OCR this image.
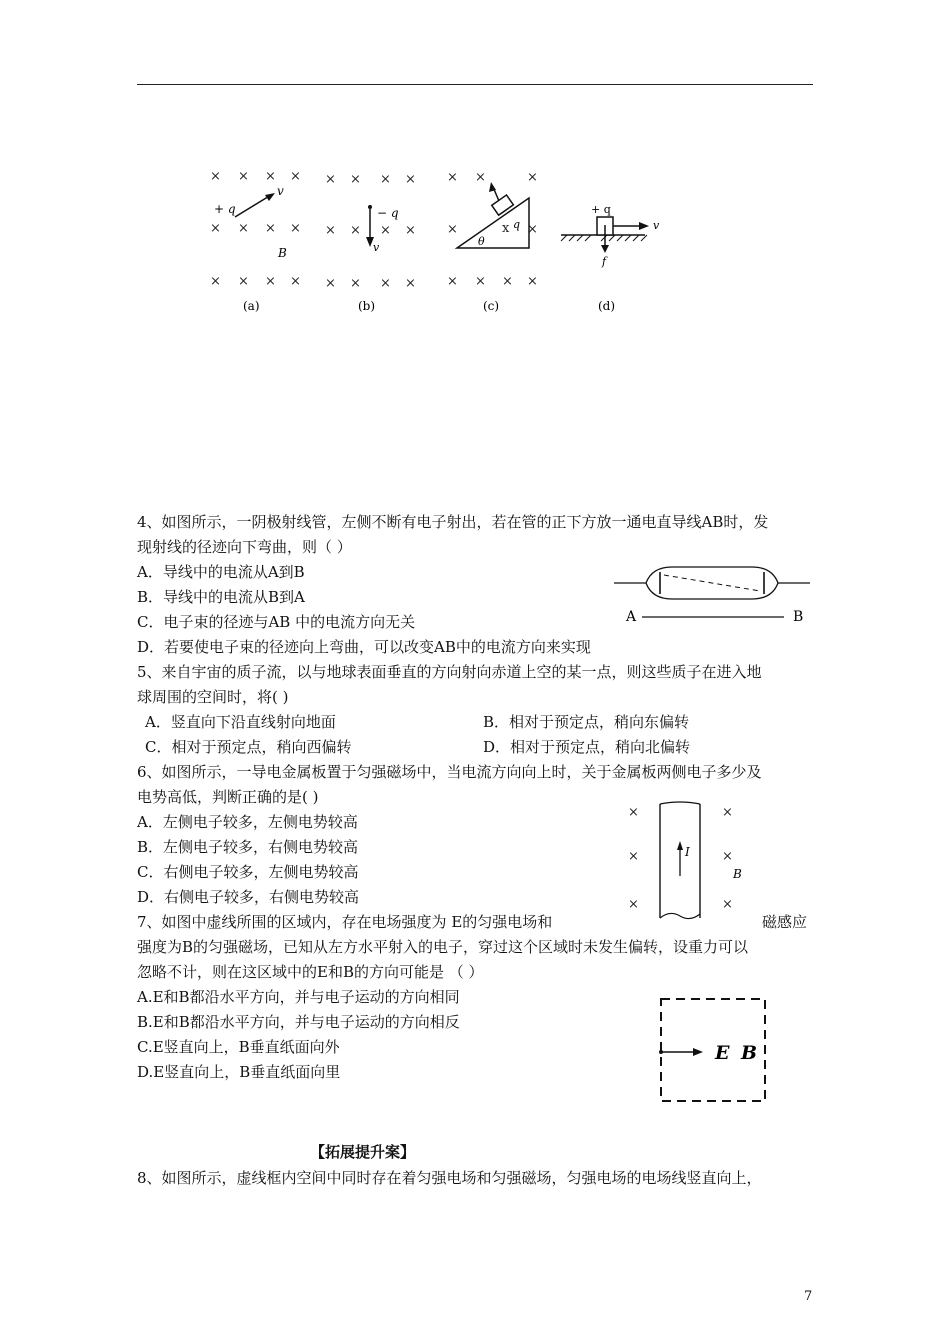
× × × ×
× × × ×
× × × ×
× × × ×
× × × ×
× × × ×
× ×	×
×	x ×
× × × ×
+ q
v
B
− q
v
q
θ
+ q
v
f
(a)	(b)	(c)	(d)
4、如图所示，一阴极射线管，左侧不断有电子射出，若在管的正下方放一通电直导线AB时，发
现射线的径迹向下弯曲，则（ ）
A．导线中的电流从A到B
B．导线中的电流从B到A
C．电子束的径迹与AB 中的电流方向无关
D．若要使电子束的径迹向上弯曲，可以改变AB中的电流方向来实现
A	B
5、来自宇宙的质子流，以与地球表面垂直的方向射向赤道上空的某一点，则这些质子在进入地
球周围的空间时，将( )
A．竖直向下沿直线射向地面	B．相对于预定点，稍向东偏转
C．相对于预定点，稍向西偏转	D．相对于预定点，稍向北偏转
6、如图所示，一导电金属板置于匀强磁场中，当电流方向向上时，关于金属板两侧电子多少及
电势高低，判断正确的是( )
A．左侧电子较多，左侧电势较高
B．左侧电子较多，右侧电势较高
C．右侧电子较多，左侧电势较高
D．右侧电子较多，右侧电势较高
×	×
×	×
×	×
I
B
7、如图中虚线所围的区域内，存在电场强度为 E的匀强电场和	磁感应
强度为B的匀强磁场，已知从左方水平射入的电子，穿过这个区域时未发生偏转，设重力可以
忽略不计，则在这区域中的E和B的方向可能是 （ ）
A.E和B都沿水平方向，并与电子运动的方向相同
B.E和B都沿水平方向，并与电子运动的方向相反
C.E竖直向上，B垂直纸面向外
D.E竖直向上，B垂直纸面向里
E B
【拓展提升案】
8、如图所示，虚线框内空间中同时存在着匀强电场和匀强磁场，匀强电场的电场线竖直向上，
7
